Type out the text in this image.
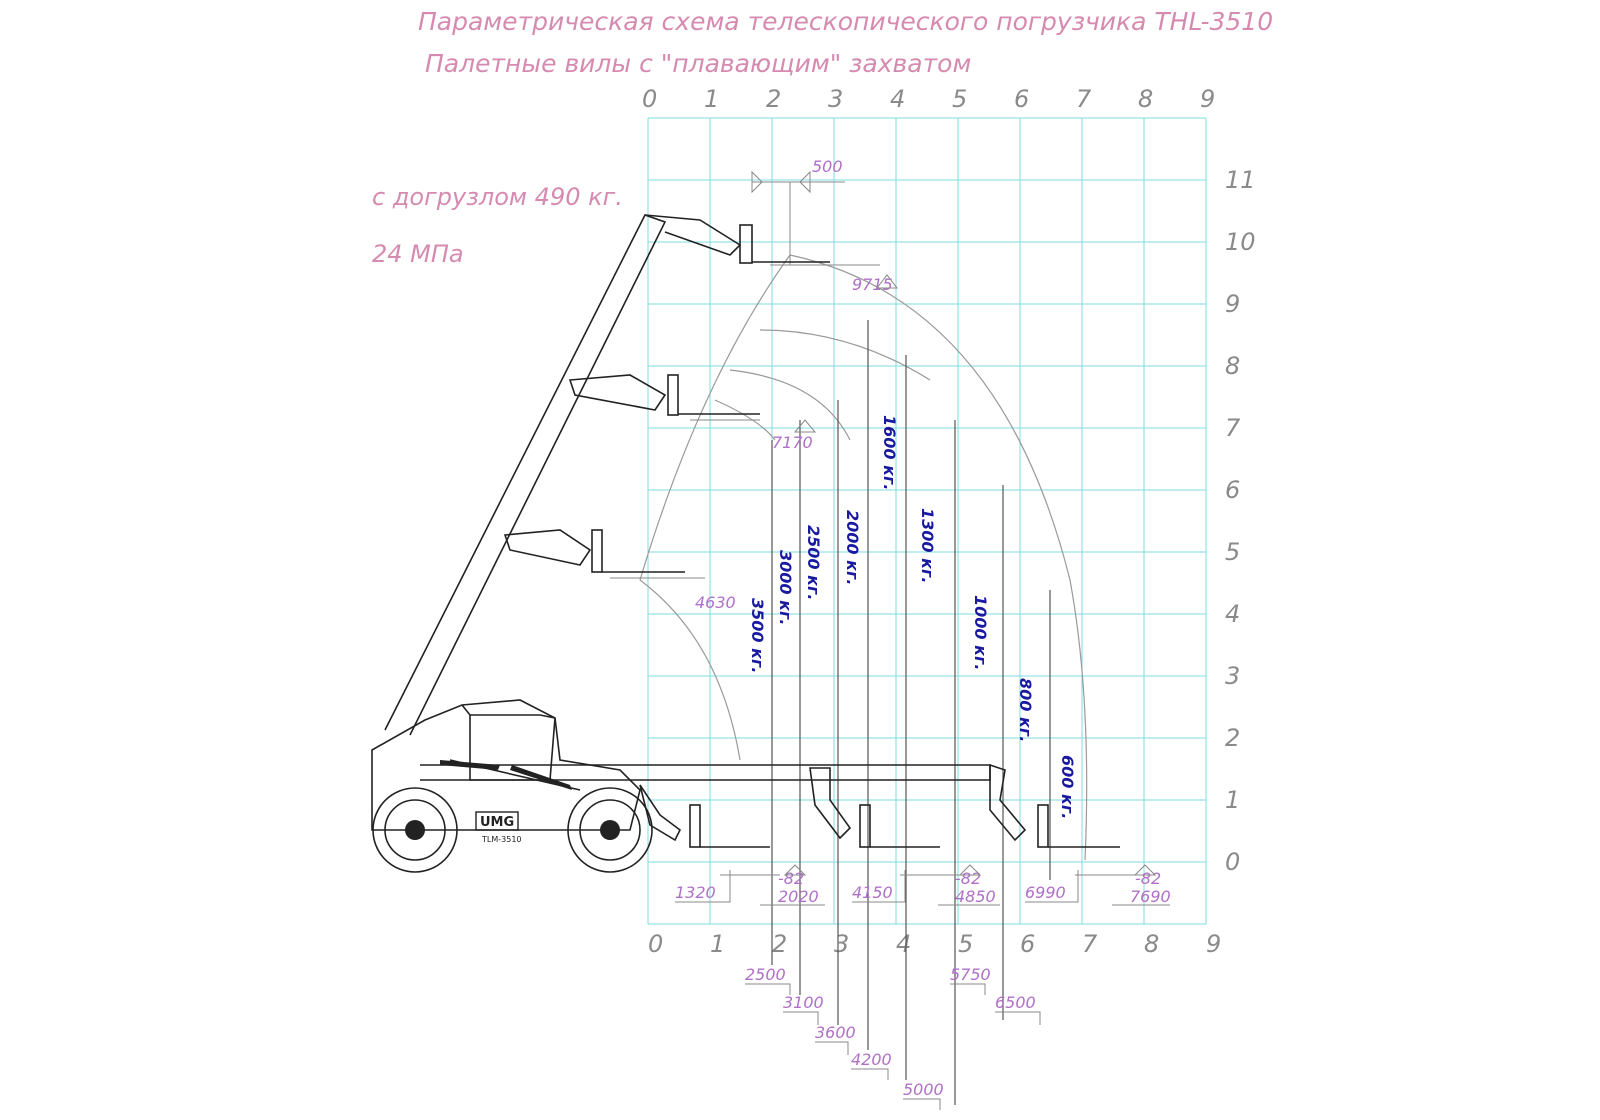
Параметрическая схема телескопического погрузчика THL-3510
Палетные вилы с "плавающим" захватом
с догрузлом 490 кг.
24 МПа
0 1 2 3 4 5 6 7 8 9
0 1 2 3 4 5 6 7 8 9
0
1
2
3
4
5
6
7
8
9
10
11
3500 кг.
3000 кг. 2500 кг. 2000 кг.
1600 кг.
1300 кг.
1000 кг.
800 кг.
600 кг.
2500
3100
3600
4200
5000
5750
6500
1320	2020 4150	4850 6990	7690
-82	-82	-82
500
9715
7170
4630
UMG
TLM-3510
